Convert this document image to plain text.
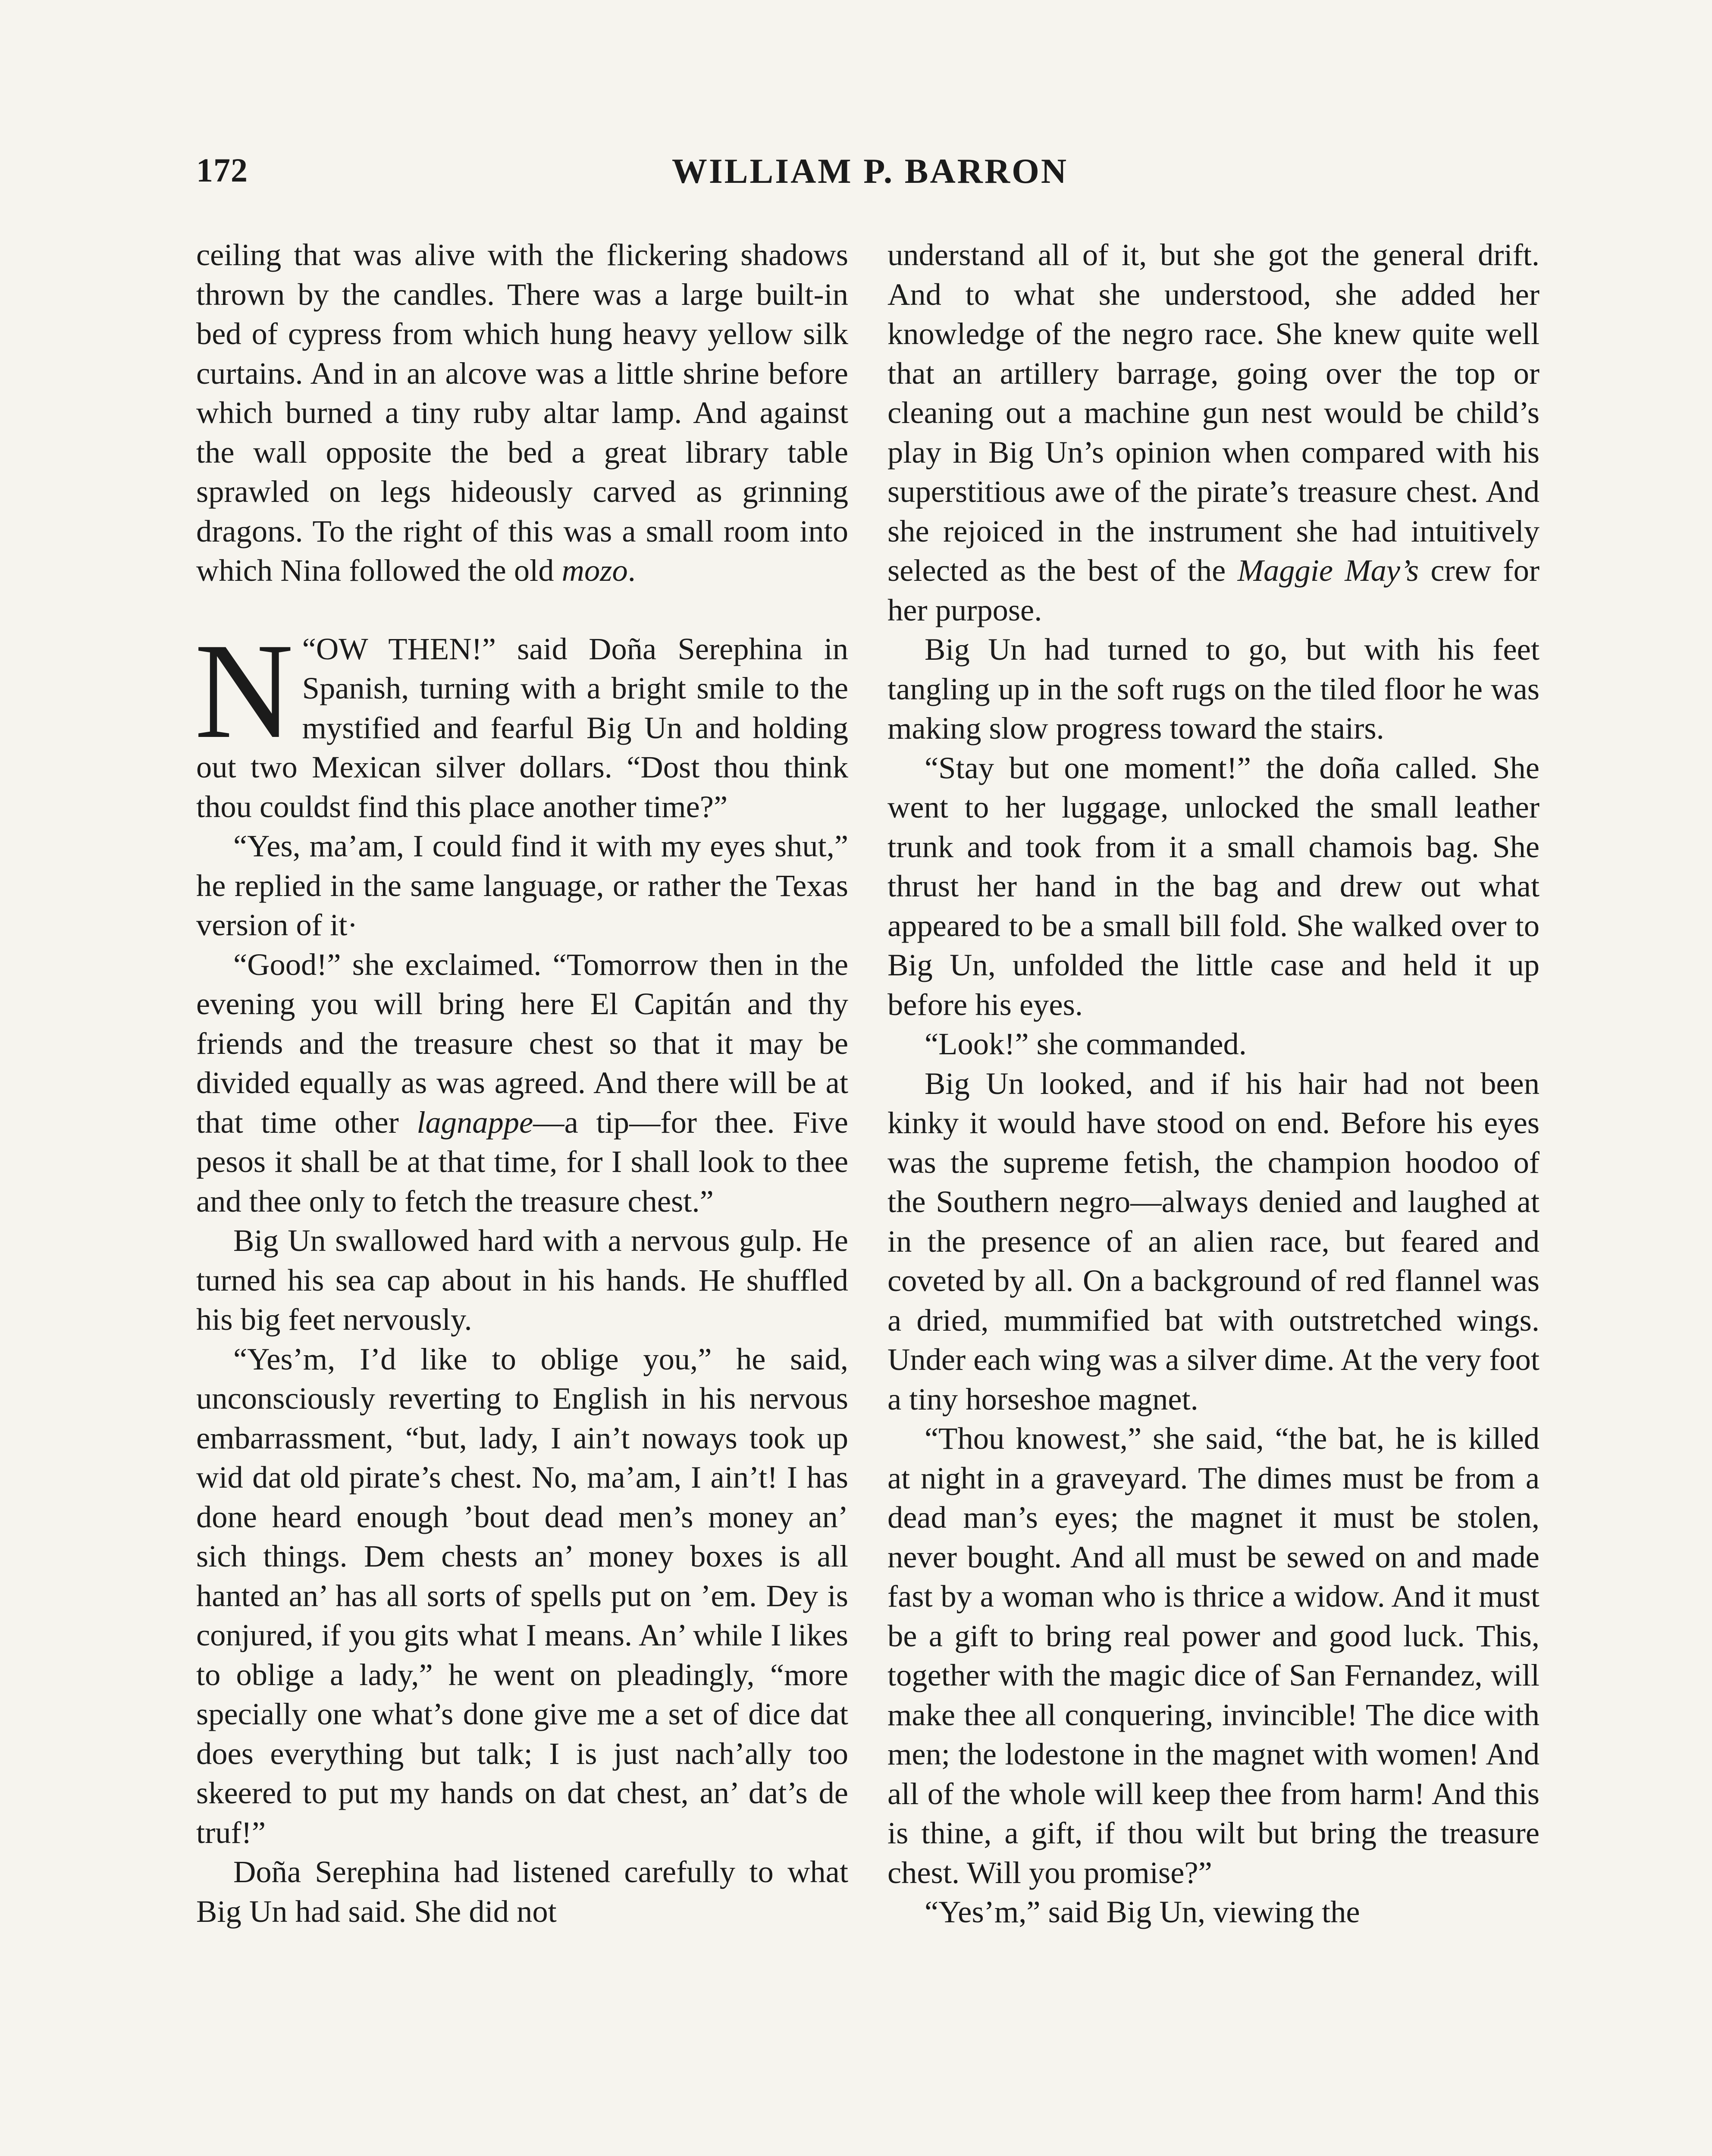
172	WILLIAM P. BARRON

ceiling that was alive with the flickering shadows thrown by the candles. There was a large built-in bed of cypress from which hung heavy yellow silk curtains. And in an alcove was a little shrine before which burned a tiny ruby altar lamp. And against the wall opposite the bed a great library table sprawled on legs hideously carved as grinning dragons. To the right of this was a small room into which Nina followed the old mozo.

“
N OW THEN!” said Doña Serephina in Spanish, turning with a bright smile to the mystified and fearful Big Un and holding out two Mexican silver dollars. “Dost thou think thou couldst find this place another time?”

“Yes, ma’am, I could find it with my eyes shut,” he replied in the same language, or rather the Texas version of it·

“Good!” she exclaimed. “Tomorrow then in the evening you will bring here El Capitán and thy friends and the treasure chest so that it may be divided equally as was agreed. And there will be at that time other lagnappe—a tip—for thee. Five pesos it shall be at that time, for I shall look to thee and thee only to fetch the treasure chest.”

Big Un swallowed hard with a nervous gulp. He turned his sea cap about in his hands. He shuffled his big feet nervously.

“Yes’m, I’d like to oblige you,” he said, unconsciously reverting to English in his nervous embarrassment, “but, lady, I ain’t noways took up wid dat old pirate’s chest. No, ma’am, I ain’t! I has done heard enough ’bout dead men’s money an’ sich things. Dem chests an’ money boxes is all hanted an’ has all sorts of spells put on ’em. Dey is conjured, if you gits what I means. An’ while I likes to oblige a lady,” he went on pleadingly, “more specially one what’s done give me a set of dice dat does everything but talk; I is just nach’ally too skeered to put my hands on dat chest, an’ dat’s de truf!”

Doña Serephina had listened carefully to what Big Un had said. She did not

understand all of it, but she got the general drift. And to what she understood, she added her knowledge of the negro race. She knew quite well that an artillery barrage, going over the top or cleaning out a machine gun nest would be child’s play in Big Un’s opinion when compared with his superstitious awe of the pirate’s treasure chest. And she rejoiced in the instrument she had intuitively selected as the best of the Maggie May’s crew for her purpose.

Big Un had turned to go, but with his feet tangling up in the soft rugs on the tiled floor he was making slow progress toward the stairs.

“Stay but one moment!” the doña called. She went to her luggage, unlocked the small leather trunk and took from it a small chamois bag. She thrust her hand in the bag and drew out what appeared to be a small bill fold. She walked over to Big Un, unfolded the little case and held it up before his eyes.

“Look!” she commanded.

Big Un looked, and if his hair had not been kinky it would have stood on end. Before his eyes was the supreme fetish, the champion hoodoo of the Southern negro—always denied and laughed at in the presence of an alien race, but feared and coveted by all. On a background of red flannel was a dried, mummified bat with outstretched wings. Under each wing was a silver dime. At the very foot a tiny horseshoe magnet.

“Thou knowest,” she said, “the bat, he is killed at night in a graveyard. The dimes must be from a dead man’s eyes; the magnet it must be stolen, never bought. And all must be sewed on and made fast by a woman who is thrice a widow. And it must be a gift to bring real power and good luck. This, together with the magic dice of San Fernandez, will make thee all conquering, invincible! The dice with men; the lodestone in the magnet with women! And all of the whole will keep thee from harm! And this is thine, a gift, if thou wilt but bring the treasure chest. Will you promise?”

“Yes’m,” said Big Un, viewing the
